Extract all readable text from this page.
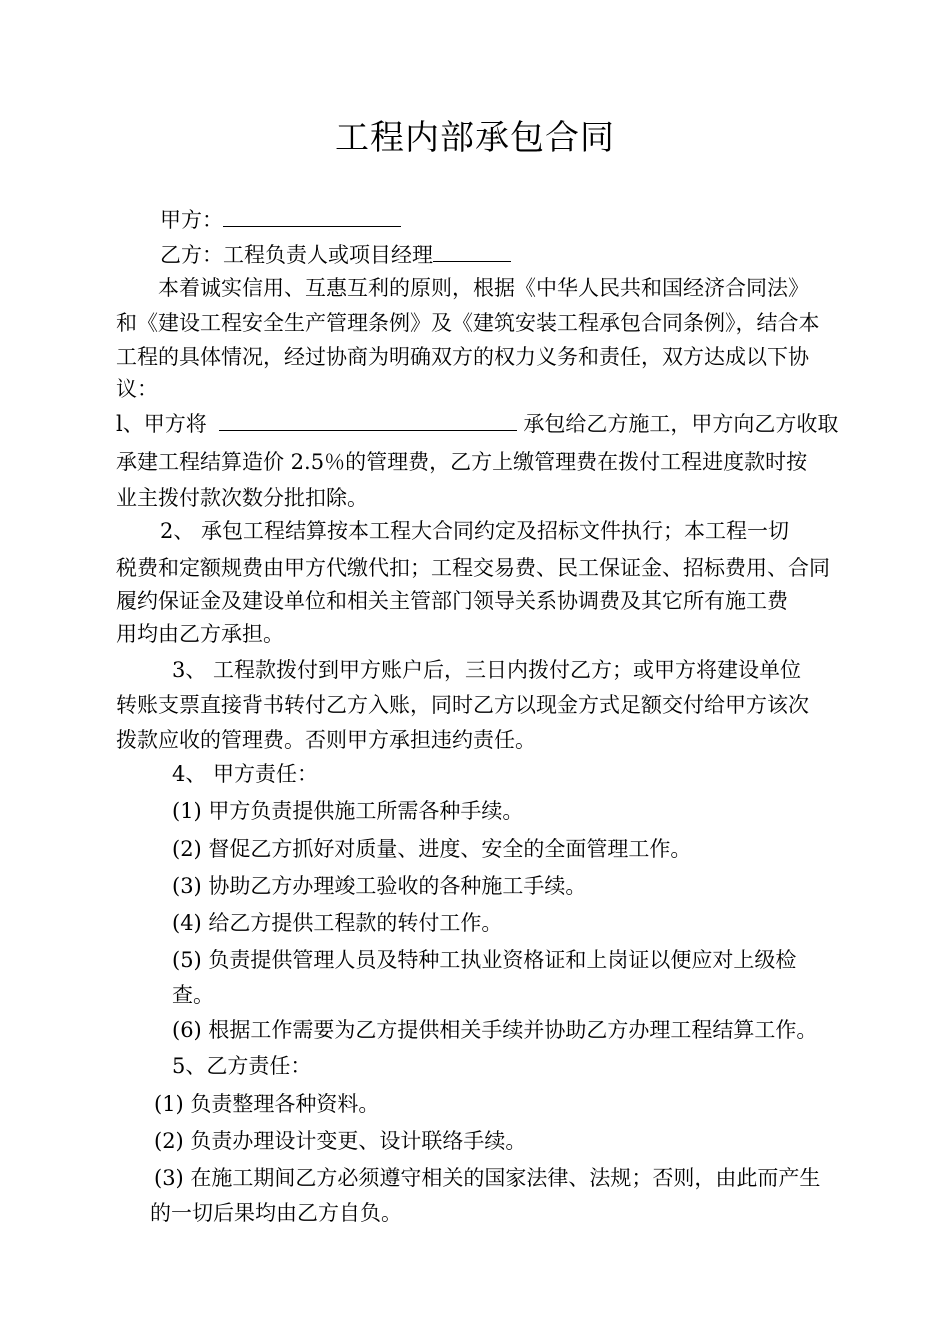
工程内部承包合同
甲方：
乙方：工程负责人或项目经理
本着诚实信用、互惠互利的原则，根据《中华人民共和国经济合同法》
和《建设工程安全生产管理条例》及《建筑安装工程承包合同条例》，结合本
工程的具体情况，经过协商为明确双方的权力义务和责任，双方达成以下协
议：
l、甲方将	承包给乙方施工，甲方向乙方收取
承建工程结算造价 2.5％的管理费，乙方上缴管理费在拨付工程进度款时按
业主拨付款次数分批扣除。
2、 承包工程结算按本工程大合同约定及招标文件执行；本工程一切
税费和定额规费由甲方代缴代扣；工程交易费、民工保证金、招标费用、合同
履约保证金及建设单位和相关主管部门领导关系协调费及其它所有施工费
用均由乙方承担。
3、 工程款拨付到甲方账户后，三日内拨付乙方；或甲方将建设单位
转账支票直接背书转付乙方入账，同时乙方以现金方式足额交付给甲方该次
拨款应收的管理费。否则甲方承担违约责任。
4、 甲方责任：
(1) 甲方负责提供施工所需各种手续。
(2) 督促乙方抓好对质量、进度、安全的全面管理工作。
(3) 协助乙方办理竣工验收的各种施工手续。
(4) 给乙方提供工程款的转付工作。
(5) 负责提供管理人员及特种工执业资格证和上岗证以便应对上级检
查。
(6) 根据工作需要为乙方提供相关手续并协助乙方办理工程结算工作。
5、乙方责任：
(1) 负责整理各种资料。
(2) 负责办理设计变更、设计联络手续。
(3) 在施工期间乙方必须遵守相关的国家法律、法规；否则，由此而产生
的一切后果均由乙方自负。
